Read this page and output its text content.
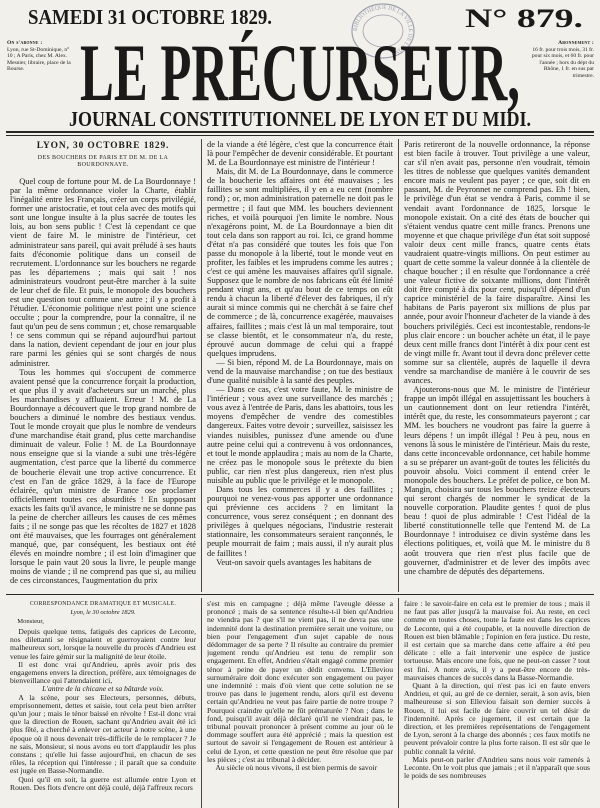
SAMEDI 31 OCTOBRE 1829.	N° 879.
BIBLIOTHÈQUE DE LA VILLE DE LYON
LE PRÉCURSEUR,
JOURNAL CONSTITUTIONNEL DE LYON ET DU MIDI.
On s'abonne :
Lyon, rue St-Dominique, n° 10 ; A Paris, chez M. Alex. Mesnier, libraire, place de la Bourse.
Abonnement :
16 fr. pour trois mois, 31 fr. pour six mois, et 60 fr. pour l'année ; hors du dépt du Rhône, 1 fr. en sus par trimestre.
LYON, 30 OCTOBRE 1829.
DES BOUCHERS DE PARIS ET DE M. DE LA BOURDONNAYE.

Quel coup de fortune pour M. de La Bourdonnaye ! par la même ordonnance violer la Charte, établir l'inégalité entre les Français, créer un corps privilégié, former une aristocratie, et tout cela avec des motifs qui sont une longue insulte à la plus sacrée de toutes les lois, au bon sens public ! C'est là cependant ce que vient de faire M. le ministre de l'intérieur, cet administrateur sans pareil, qui avait préludé à ses hauts faits d'économie politique dans un conseil de recrutement. L'ordonnance sur les bouchers ne regarde pas les départemens ; mais qui sait ! nos administrateurs voudront peut-être marcher à la suite de leur chef de file. Et puis, le monopole des bouchers est une question tout comme une autre ; il y a profit à l'étudier. L'économie politique n'est point une science occulte ; pour la comprendre, pour la connaître, il ne faut qu'un peu de sens commun ; et, chose remarquable ! ce sens commun qui se répand aujourd'hui partout dans la nation, devient cependant de jour en jour plus rare parmi les génies qui se sont chargés de nous administrer.

Tous les hommes qui s'occupent de commerce avaient pensé que la concurrence forçait la production, et que plus il y avait d'acheteurs sur un marché, plus les marchandises y affluaient. Erreur ! M. de La Bourdonnaye a découvert que le trop grand nombre de bouchers a diminué le nombre des bestiaux vendus. Tout le monde croyait que plus le nombre de vendeurs d'une marchandise était grand, plus cette marchandise diminuait de valeur. Folie ! M. de La Bourdonnaye nous enseigne que si la viande a subi une très-légère augmentation, c'est parce que la liberté du commerce de boucherie élevait une trop active concurrence. Et c'est en l'an de grâce 1829, à la face de l'Europe éclairée, qu'un ministre de France ose proclamer officiellement toutes ces absurdités ! En supposant exacts les faits qu'il avance, le ministre ne se donne pas la peine de chercher ailleurs les causes de ces mêmes faits ; il ne songe pas que les récoltes de 1827 et 1828 ont été mauvaises, que les fourrages ont généralement manqué, que, par conséquent, les bestiaux ont été élevés en moindre nombre ; il est loin d'imaginer que lorsque le pain vaut 20 sous la livre, le peuple mange moins de viande ; il ne comprend pas que si, au milieu de ces circonstances, l'augmentation du prix

de la viande a été légère, c'est que la concurrence était là pour l'empêcher de devenir considérable. Et pourtant M. de La Bourdonnaye est ministre de l'intérieur !

Mais, dit M. de La Bourdonnaye, dans le commerce de la boucherie les affaires ont été mauvaises ; les faillites se sont multipliées, il y en a eu cent (nombre rond) ; or, mon administration paternelle ne doit pas le permettre ; il faut que MM. les bouchers deviennent riches, et voilà pourquoi j'en limite le nombre. Nous n'exagérons point, M. de La Bourdonnaye a bien dit tout cela dans son rapport au roi. Ici, ce grand homme d'état n'a pas considéré que toutes les fois que l'on passe du monopole à la liberté, tout le monde veut en profiter, les faibles et les imprudens comme les autres ; c'est ce qui amène les mauvaises affaires qu'il signale. Supposez que le nombre de nos fabricans eût été limité pendant vingt ans, et qu'au bout de ce temps on eût rendu à chacun la liberté d'élever des fabriques, il n'y aurait si mince commis qui ne cherchât à se faire chef de commerce ; de là, concurrence exagérée, mauvaises affaires, faillites ; mais c'est là un mal temporaire, tout se classe bientôt, et le consommateur n'a, du reste, éprouvé aucun dommage de celui qui a frappé quelques imprudens.

— Si bien, répond M. de La Bourdonnaye, mais on vend de la mauvaise marchandise ; on tue des bestiaux d'une qualité nuisible à la santé des peuples.

— Dans ce cas, c'est votre faute, M. le ministre de l'intérieur ; vous avez une surveillance des marchés ; vous avez à l'entrée de Paris, dans les abattoirs, tous les moyens d'empêcher de vendre des comestibles dangereux. Faites votre devoir ; surveillez, saisissez les viandes nuisibles, punissez d'une amende ou d'une autre peine celui qui a contrevenu à vos ordonnances, et tout le monde applaudira ; mais au nom de la Charte, ne créez pas le monopole sous le prétexte du bien public, car rien n'est plus dangereux, rien n'est plus nuisible au public que le privilège et le monopole.

Dans tous les commerces il y a des faillites ; pourquoi ne venez-vous pas apporter une ordonnance qui prévienne ces accidens ? en limitant la concurrence, vous serez conséquent ; en donnant des privilèges à quelques négocians, l'industrie resterait stationnaire, les consommateurs seraient rançonnés, le peuple mourrait de faim ; mais aussi, il n'y aurait plus de faillites !

Veut-on savoir quels avantages les habitans de

Paris retireront de la nouvelle ordonnance, la réponse est bien facile à trouver. Tout privilège a une valeur, car s'il n'en avait pas, personne n'en voudrait, témoin les titres de noblesse que quelques vanités demandent encore mais ne veulent pas payer ; ce que, soit dit en passant, M. de Peyronnet ne comprend pas. Eh ! bien, le privilège d'un état se vendra à Paris, comme il se vendait avant l'ordonnance de 1825, lorsque le monopole existait. On a cité des états de boucher qui s'étaient vendus quatre cent mille francs. Prenons une moyenne et que chaque privilège d'un état soit supposé valoir deux cent mille francs, quatre cents états vaudraient quatre-vingts millions. On peut estimer au quart de cette somme la valeur donnée à la clientèle de chaque boucher ; il en résulte que l'ordonnance a créé une valeur fictive de soixante millions, dont l'intérêt doit être compté à dix pour cent, puisqu'il dépend d'un caprice ministériel de la faire disparaître. Ainsi les habitans de Paris payeront six millions de plus par année, pour avoir l'honneur d'acheter de la viande à des bouchers privilégiés. Ceci est incontestable, rendons-le plus clair encore : un boucher achète un état, il le paye deux cent mille francs dont l'intérêt à dix pour cent est de vingt mille fr. Avant tout il devra donc prélever cette somme sur sa clientèle, auprès de laquelle il devra vendre sa marchandise de manière à le couvrir de ses avances.

Ajouterons-nous que M. le ministre de l'intérieur frappe un impôt illégal en assujettissant les bouchers à un cautionnement dont on leur retiendra l'intérêt, intérêt que, du reste, les consommateurs payeront ; car MM. les bouchers ne voudront pas faire la guerre à leurs dépens ! un impôt illégal ! Peu à peu, nous en venons là sous le ministère de l'intérieur. Mais du reste, dans cette inconcevable ordonnance, cet habile homme a su se préparer un avant-goût de toutes les félicités du pouvoir absolu. Voici comment il entend créer le monopole des bouchers. Le préfet de police, ce bon M. Mangin, choisira sur tous les bouchers treize électeurs qui seront chargés de nommer le syndicat de la nouvelle corporation. Plaudite gentes ! quoi de plus beau ! quoi de plus admirable ! C'est l'idéal de la liberté constitutionnelle telle que l'entend M. de La Bourdonnaye ! introduisez ce divin système dans les élections politiques, et, voilà que M. le ministre du 8 août trouvera que rien n'est plus facile que de gouverner, d'administrer et de lever des impôts avec une chambre de députés des départemens.

CORRESPONDANCE DRAMATIQUE ET MUSICALE.
Lyon, le 30 octobre 1829.
Monsieur,

Depuis quelque tems, fatigués des caprices de Leconte, nos dilettanti se résignaient et guerroyaient contre leur malheureux sort, lorsque la nouvelle du procès d'Andrieu est venue les faire gémir sur la malignité de leur étoile.

Il est donc vrai qu'Andrieu, après avoir pris des engagemens envers la direction, préfère, aux témoignages de bienveillance qui l'attendaient ici,

L'antre de la chicane et sa bâtarde voix.

A la scène, pour ses Electeurs, personnes, débuts, emprisonnement, dettes et saisie, tout cela peut bien arrêter qu'un jour ; mais le ténor baissé en révolte ! Est-il donc vrai que la direction de Rouen, sachant qu'Andrieu avait été ici plus fêté, a cherché à enlever cet acteur à notre scène, à une époque où il nous devenait très-difficile de le remplacer ? Je ne sais, Monsieur, si nous avons eu tort d'applaudir les plus constans ; qu'elle lui fasse aujourd'hui, en chacun de ses rôles, la réception qui l'intéresse ; il paraît que sa conduite est jugée en Basse-Normandie.

Quoi qu'il en soit, la guerre est allumée entre Lyon et Rouen. Des flots d'encre ont déjà coulé, déjà l'affreux recors

s'est mis en campagne ; déjà même l'aveugle déesse a prononcé ; mais de sa sentence résulte-t-il bien qu'Andrieu ne viendra pas ? que s'il ne vient pas, il ne devra pas une indemnité dont la destination première serait une voiture, ou bien pour l'engagement d'un sujet capable de nous dédommager de sa perte ? Il résulte au contraire du premier jugement rendu qu'Andrieu est tenu de remplir son engagement. En effet, Andrieu s'était engagé comme premier ténor à peine de payer un dédit convenu. L'Elleviou surnuméraire doit donc exécuter son engagement ou payer une indemnité : mais d'où vient que cette solution ne se trouve pas dans le jugement rendu, alors qu'il est devenu certain qu'Andrieu ne veut pas faire partie de notre troupe ? Pourquoi craindre qu'elle ne fût prématurée ? Non ; dans le fond, puisqu'il avait déjà déclaré qu'il ne viendrait pas, le tribunal pouvait prononcer à présent comme au jour où le dommage souffert aura été apprécié ; mais la question est surtout de savoir si l'engagement de Rouen est antérieur à celui de Lyon, et cette question ne peut être résolue que par les pièces ; c'est au tribunal à décider.

Au siècle où nous vivons, il est bien permis de savoir

faire : le savoir-faire en cela est le premier de tous ; mais il ne faut pas aller jusqu'à la mauvaise foi. Au reste, en ceci comme en toutes choses, toute la faute est dans les caprices de Leconte, qui a été coupable, et la nouvelle direction de Rouen est bien blâmable ; l'opinion en fera justice. Du reste, il est certain que sa marche dans cette affaire a été peu délicate : elle a fait intervenir une espèce de justice tortueuse. Mais encore une fois, que ne peut-on casser ? tout est fini. A notre avis, il y a peut-être encore de très-mauvaises chances de succès dans la Basse-Normandie.

Quant à la direction, qui n'est pas ici en faute envers Andrieu, et qui, au gré de ce dernier, serait, à son avis, bien malheureuse si son Elleviou faisait son dernier succès à Rouen, il lui est facile de faire couvrir un tel désir de l'indemnité. Après ce jugement, il est certain que la direction, et les premières représentations de l'engagement de Lyon, seront à la charge des abonnés ; ces faux motifs ne peuvent prévaloir contre la plus forte raison. Il est sûr que le public connaît la vérité.

Mais peut-on parler d'Andrieu sans nous voir ramenés à Leconte. On le voit plus que jamais ; et il n'apparaît que sous le poids de ses nombreuses
